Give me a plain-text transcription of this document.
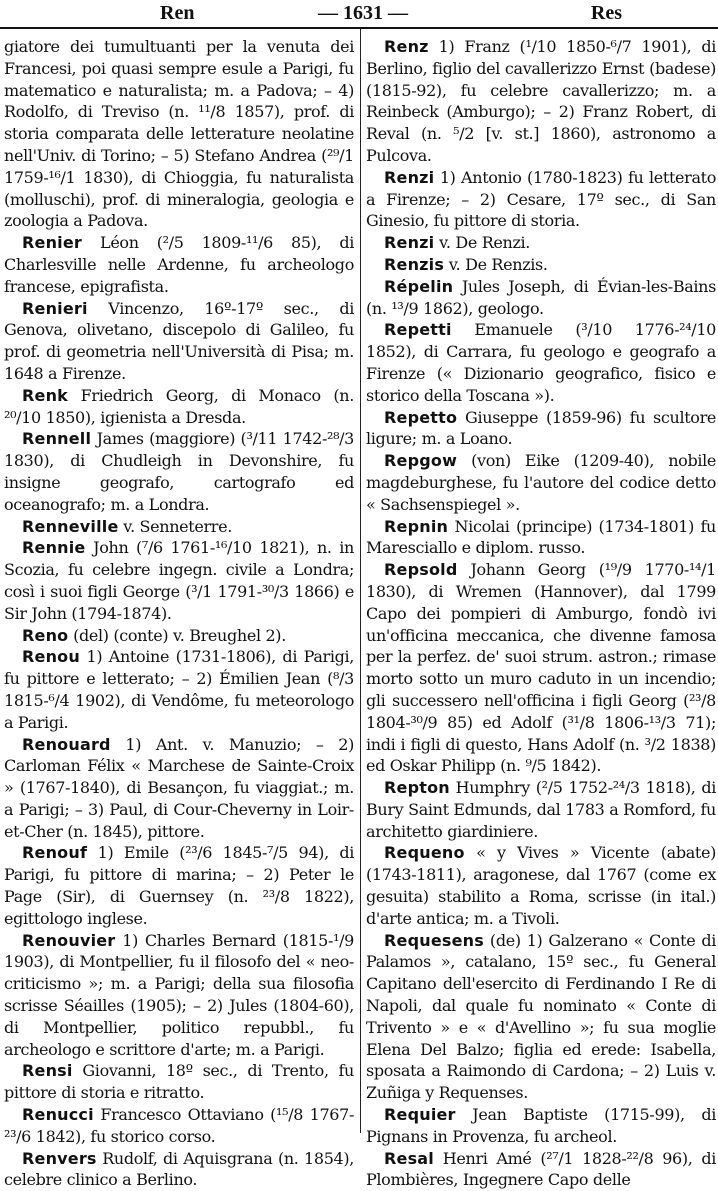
Ren	— 1631 —	Res

giatore dei tumultuanti per la venuta dei Francesi, poi quasi sempre esule a Parigi, fu matematico e naturalista; m. a Padova; – 4) Rodolfo, di Treviso (n. ¹¹/8 1857), prof. di storia comparata delle letterature neolatine nell'Univ. di Torino; – 5) Stefano Andrea (²⁹/1 1759-¹⁶/1 1830), di Chioggia, fu naturalista (molluschi), prof. di mineralogia, geologia e zoologia a Padova.

Renier Léon (²/5 1809-¹¹/6 85), di Charlesville nelle Ardenne, fu archeologo francese, epigrafista.

Renieri Vincenzo, 16º-17º sec., di Genova, olivetano, discepolo di Galileo, fu prof. di geometria nell'Università di Pisa; m. 1648 a Firenze.

Renk Friedrich Georg, di Monaco (n. ²⁰/10 1850), igienista a Dresda.

Rennell James (maggiore) (³/11 1742-²⁸/3 1830), di Chudleigh in Devonshire, fu insigne geografo, cartografo ed oceanografo; m. a Londra.

Renneville v. Senneterre.

Rennie John (⁷/6 1761-¹⁶/10 1821), n. in Scozia, fu celebre ingegn. civile a Londra; così i suoi figli George (³/1 1791-³⁰/3 1866) e Sir John (1794-1874).

Reno (del) (conte) v. Breughel 2).

Renou 1) Antoine (1731-1806), di Parigi, fu pittore e letterato; – 2) Émilien Jean (⁸/3 1815-⁶/4 1902), di Vendôme, fu meteorologo a Parigi.

Renouard 1) Ant. v. Manuzio; – 2) Carloman Félix « Marchese de Sainte-Croix » (1767-1840), di Besançon, fu viaggiat.; m. a Parigi; – 3) Paul, di Cour-Cheverny in Loir-et-Cher (n. 1845), pittore.

Renouf 1) Emile (²³/6 1845-⁷/5 94), di Parigi, fu pittore di marina; – 2) Peter le Page (Sir), di Guernsey (n. ²³/8 1822), egittologo inglese.

Renouvier 1) Charles Bernard (1815-¹/9 1903), di Montpellier, fu il filosofo del « neo-criticismo »; m. a Parigi; della sua filosofia scrisse Séailles (1905); – 2) Jules (1804-60), di Montpellier, politico repubbl., fu archeologo e scrittore d'arte; m. a Parigi.

Rensi Giovanni, 18º sec., di Trento, fu pittore di storia e ritratto.

Renucci Francesco Ottaviano (¹⁵/8 1767-²³/6 1842), fu storico corso.

Renvers Rudolf, di Aquisgrana (n. 1854), celebre clinico a Berlino.

Renz 1) Franz (¹/10 1850-⁶/7 1901), di Berlino, figlio del cavallerizzo Ernst (badese) (1815-92), fu celebre cavallerizzo; m. a Reinbeck (Amburgo); – 2) Franz Robert, di Reval (n. ⁵/2 [v. st.] 1860), astronomo a Pulcova.

Renzi 1) Antonio (1780-1823) fu letterato a Firenze; – 2) Cesare, 17º sec., di San Ginesio, fu pittore di storia.

Renzi v. De Renzi.

Renzis v. De Renzis.

Répelin Jules Joseph, di Évian-les-Bains (n. ¹³/9 1862), geologo.

Repetti Emanuele (³/10 1776-²⁴/10 1852), di Carrara, fu geologo e geografo a Firenze (« Dizionario geografico, fisico e storico della Toscana »).

Repetto Giuseppe (1859-96) fu scultore ligure; m. a Loano.

Repgow (von) Eike (1209-40), nobile magdeburghese, fu l'autore del codice detto « Sachsenspiegel ».

Repnin Nicolai (principe) (1734-1801) fu Maresciallo e diplom. russo.

Repsold Johann Georg (¹⁹/9 1770-¹⁴/1 1830), di Wremen (Hannover), dal 1799 Capo dei pompieri di Amburgo, fondò ivi un'officina meccanica, che divenne famosa per la perfez. de' suoi strum. astron.; rimase morto sotto un muro caduto in un incendio; gli successero nell'officina i figli Georg (²³/8 1804-³⁰/9 85) ed Adolf (³¹/8 1806-¹³/3 71); indi i figli di questo, Hans Adolf (n. ³/2 1838) ed Oskar Philipp (n. ⁹/5 1842).

Repton Humphry (²/5 1752-²⁴/3 1818), di Bury Saint Edmunds, dal 1783 a Romford, fu architetto giardiniere.

Requeno « y Vives » Vicente (abate) (1743-1811), aragonese, dal 1767 (come ex gesuita) stabilito a Roma, scrisse (in ital.) d'arte antica; m. a Tivoli.

Requesens (de) 1) Galzerano « Conte di Palamos », catalano, 15º sec., fu General Capitano dell'esercito di Ferdinando I Re di Napoli, dal quale fu nominato « Conte di Trivento » e « d'Avellino »; fu sua moglie Elena Del Balzo; figlia ed erede: Isabella, sposata a Raimondo di Cardona; – 2) Luis v. Zuñiga y Requenses.

Requier Jean Baptiste (1715-99), di Pignans in Provenza, fu archeol.

Resal Henri Amé (²⁷/1 1828-²²/8 96), di Plombières, Ingegnere Capo delle
